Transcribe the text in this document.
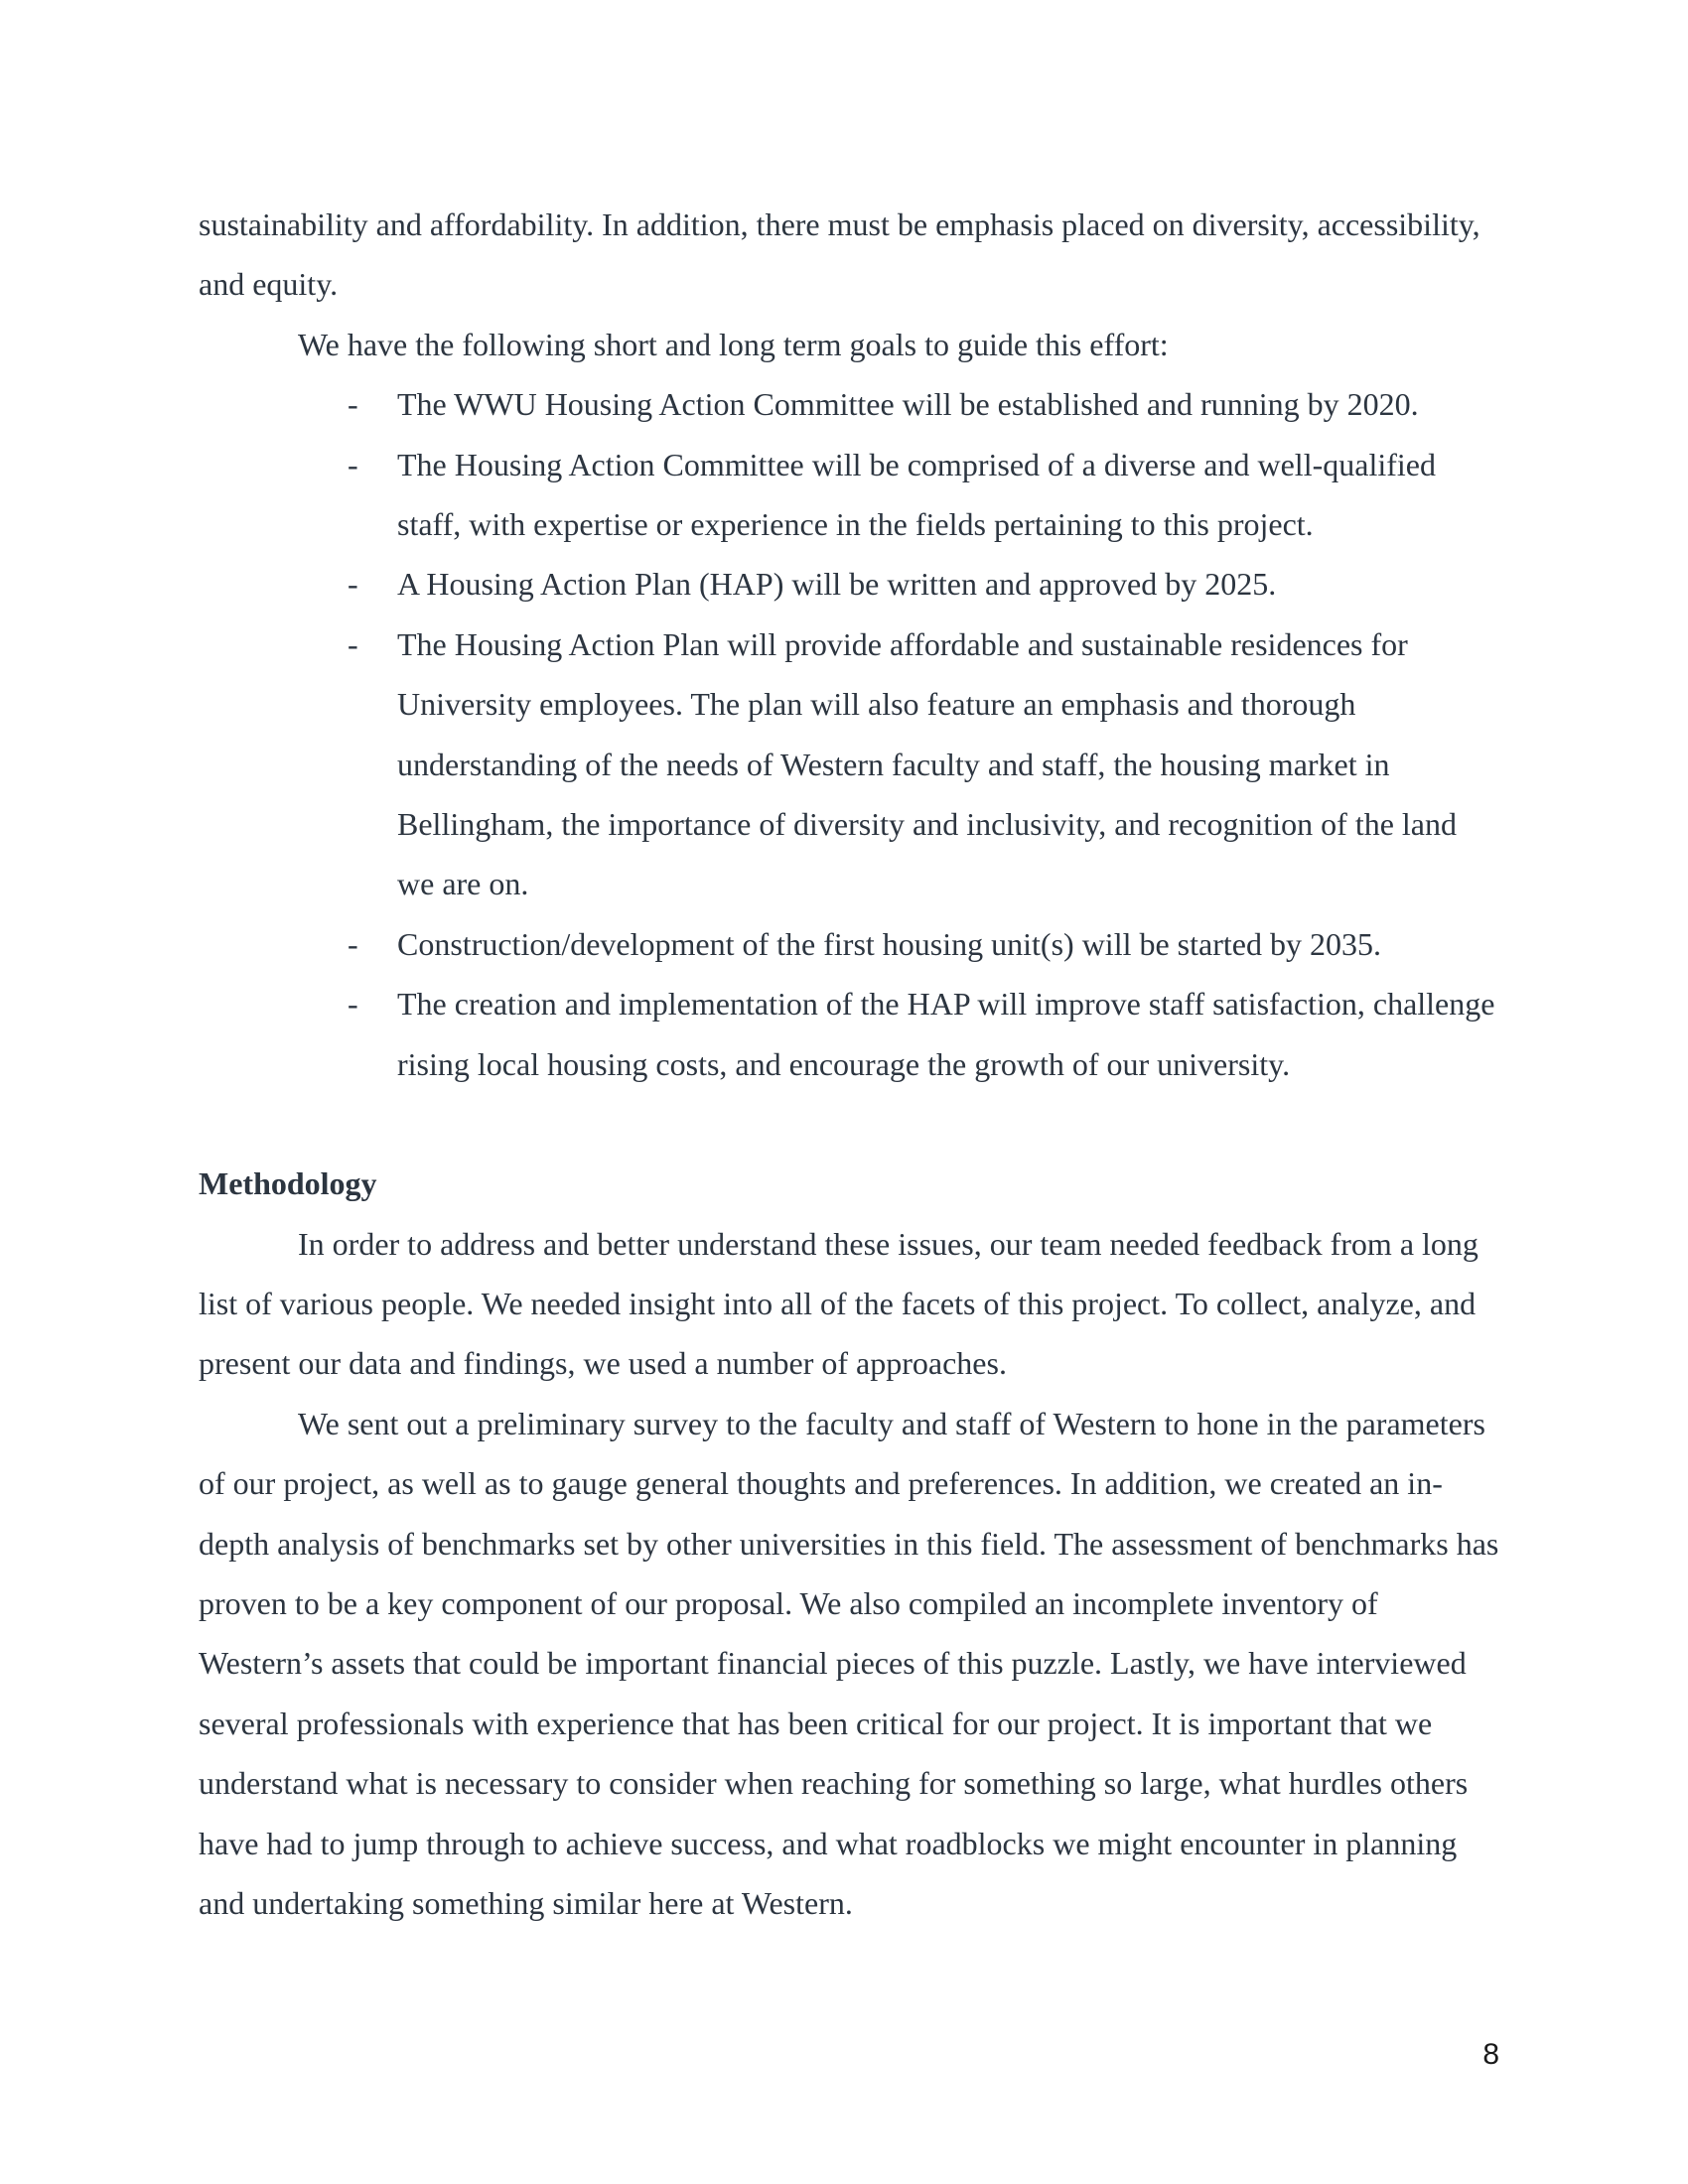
sustainability and affordability. In addition, there must be emphasis placed on diversity, accessibility, and equity.

We have the following short and long term goals to guide this effort:

- The WWU Housing Action Committee will be established and running by 2020.
- The Housing Action Committee will be comprised of a diverse and well-qualified staff, with expertise or experience in the fields pertaining to this project.
- A Housing Action Plan (HAP) will be written and approved by 2025.
- The Housing Action Plan will provide affordable and sustainable residences for University employees. The plan will also feature an emphasis and thorough understanding of the needs of Western faculty and staff, the housing market in Bellingham, the importance of diversity and inclusivity, and recognition of the land we are on.
- Construction/development of the first housing unit(s) will be started by 2035.
- The creation and implementation of the HAP will improve staff satisfaction, challenge rising local housing costs, and encourage the growth of our university.

Methodology

In order to address and better understand these issues, our team needed feedback from a long list of various people. We needed insight into all of the facets of this project. To collect, analyze, and present our data and findings, we used a number of approaches.

We sent out a preliminary survey to the faculty and staff of Western to hone in the parameters of our project, as well as to gauge general thoughts and preferences. In addition, we created an in-depth analysis of benchmarks set by other universities in this field. The assessment of benchmarks has proven to be a key component of our proposal. We also compiled an incomplete inventory of Western’s assets that could be important financial pieces of this puzzle. Lastly, we have interviewed several professionals with experience that has been critical for our project. It is important that we understand what is necessary to consider when reaching for something so large, what hurdles others have had to jump through to achieve success, and what roadblocks we might encounter in planning and undertaking something similar here at Western.

8
